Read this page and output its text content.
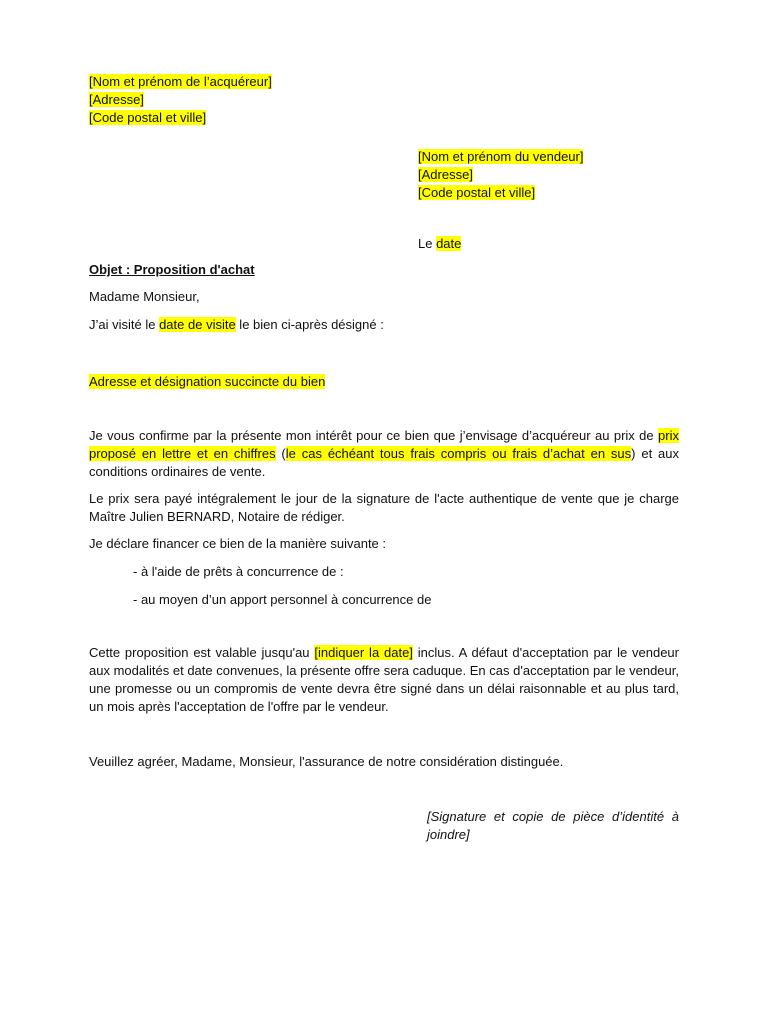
[Nom et prénom de l’acquéreur]
[Adresse]
[Code postal et ville]
[Nom et prénom du vendeur]
[Adresse]
[Code postal et ville]
Le date
Objet : Proposition d'achat
Madame Monsieur,
J’ai visité le date de visite le bien ci-après désigné :
Adresse et désignation succincte du bien
Je vous confirme par la présente mon intérêt pour ce bien que j’envisage d’acquéreur au prix de prix proposé en lettre et en chiffres (le cas échéant tous frais compris ou frais d’achat en sus) et aux conditions ordinaires de vente.
Le prix sera payé intégralement le jour de la signature de l'acte authentique de vente que je charge Maître Julien BERNARD, Notaire de rédiger.
Je déclare financer ce bien de la manière suivante :
- à l'aide de prêts à concurrence de :
- au moyen d’un apport personnel à concurrence de
Cette proposition est valable jusqu'au [indiquer la date] inclus. A défaut d'acceptation par le vendeur aux modalités et date convenues, la présente offre sera caduque. En cas d'acceptation par le vendeur, une promesse ou un compromis de vente devra être signé dans un délai raisonnable et au plus tard, un mois après l'acceptation de l'offre par le vendeur.
Veuillez agréer, Madame, Monsieur, l'assurance de notre considération distinguée.
[Signature et copie de pièce d’identité à joindre]
